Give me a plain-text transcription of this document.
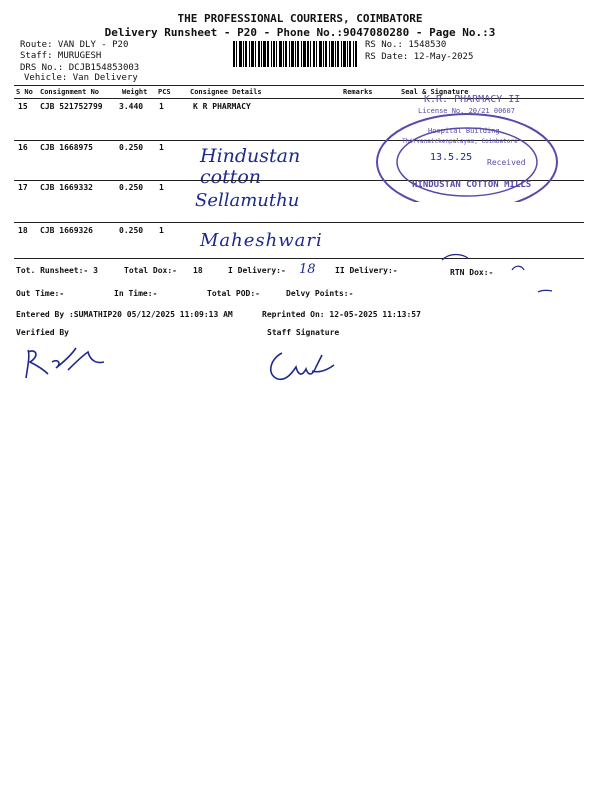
THE PROFESSIONAL COURIERS, COIMBATORE
Delivery Runsheet - P20 - Phone No.:9047080280 - Page No.:3
Route: VAN DLY - P20
Staff: MURUGESH
DRS No.: DCJB154853003
Vehicle: Van Delivery
RS No.: 1548530
RS Date: 12-May-2025
S No Consignment No	Weight PCS	Consignee Details	Remarks	Seal & Signature
15 CJB 521752799 3.440 1	K R PHARMACY
16 CJB 1668975	0.250 1 Hindustan cotton
17 CJB 1669332	0.250 1
Sellamuthu
18 CJB 1669326	0.250 1 Maheshwari
K.R. PHARMACY II
License No. 20/21 00607
Hospital Building
Thirvanaickenpalayam, Coimbatore
13.5.25 Received
HINDUSTAN COTTON MILLS
Tot. Runsheet:- 3	Total Dox:- 18	I Delivery:- 18 II Delivery:-	RTN Dox:-
Out Time:-	In Time:-	Total POD:-	Delvy Points:-
Entered By :SUMATHIP20 05/12/2025 11:09:13 AM	Reprinted On: 12-05-2025 11:13:57
Verified By	Staff Signature
